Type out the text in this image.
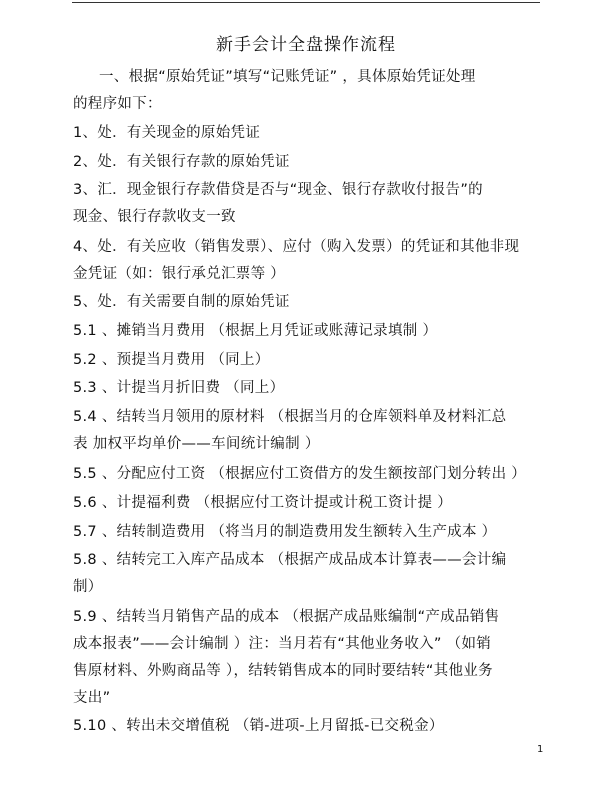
新手会计全盘操作流程
一、根据“原始凭证”填写“记账凭证” ，具体原始凭证处理
的程序如下：
1、处．有关现金的原始凭证
2、处．有关银行存款的原始凭证
3、汇．现金银行存款借贷是否与“现金、银行存款收付报告”的
现金、银行存款收支一致
4、处．有关应收（销售发票）、应付（购入发票）的凭证和其他非现
金凭证（如：银行承兑汇票等 ）
5、处．有关需要自制的原始凭证
5.1 、摊销当月费用 （根据上月凭证或账薄记录填制 ）
5.2 、预提当月费用 （同上）
5.3 、计提当月折旧费 （同上）
5.4 、结转当月领用的原材料 （根据当月的仓库领料单及材料汇总
表 加权平均单价——车间统计编制 ）
5.5 、分配应付工资 （根据应付工资借方的发生额按部门划分转出 ）
5.6 、计提福利费 （根据应付工资计提或计税工资计提 ）
5.7 、结转制造费用 （将当月的制造费用发生额转入生产成本 ）
5.8 、结转完工入库产品成本 （根据产成品成本计算表——会计编
制）
5.9 、结转当月销售产品的成本 （根据产成品账编制“产成品销售
成本报表”——会计编制 ）注：当月若有“其他业务收入” （如销
售原材料、外购商品等 ），结转销售成本的同时要结转“其他业务
支出”
5.10 、转出未交增值税 （销-进项-上月留抵-已交税金）
1
